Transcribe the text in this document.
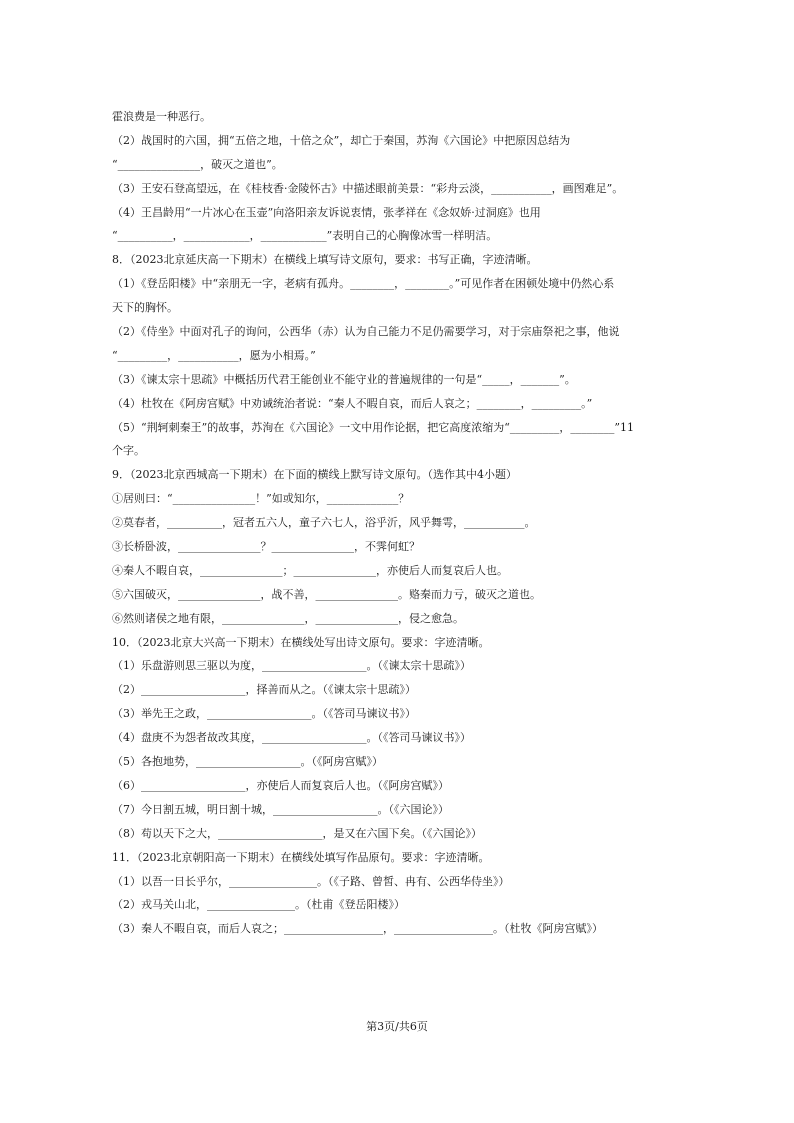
霍浪费是一种恶行。
（2）战国时的六国，拥“五倍之地，十倍之众”，却亡于秦国，苏洵《六国论》中把原因总结为
“_______________，破灭之道也”。
（3）王安石登高望远，在《桂枝香·金陵怀古》中描述眼前美景：“彩舟云淡，___________，画图难足”。
（4）王昌龄用“一片冰心在玉壶”向洛阳亲友诉说衷情，张孝祥在《念奴娇·过洞庭》也用
“__________，____________，____________”表明自己的心胸像冰雪一样明洁。
8．（2023北京延庆高一下期末）在横线上填写诗文原句，要求：书写正确，字迹清晰。
（1）《登岳阳楼》中“亲朋无一字，老病有孤舟。________，________。”可见作者在困顿处境中仍然心系
天下的胸怀。
（2）《侍坐》中面对孔子的询问，公西华（赤）认为自己能力不足仍需要学习，对于宗庙祭祀之事，他说
“_________，___________，愿为小相焉。”
（3）《谏太宗十思疏》中概括历代君王能创业不能守业的普遍规律的一句是“_____，_______”。
（4）杜牧在《阿房宫赋》中劝诫统治者说：“秦人不暇自哀，而后人哀之；________，_________。”
（5）“荆轲刺秦王”的故事，苏洵在《六国论》一文中用作论据，把它高度浓缩为“_________，________”11
个字。
9．（2023北京西城高一下期末）在下面的横线上默写诗文原句。（选作其中4小题）
①居则曰：“_______________！”如或知尔，_____________？
②莫春者，__________，冠者五六人，童子六七人，浴乎沂，风乎舞雩，___________。
③长桥卧波，_______________？_______________，不霁何虹？
④秦人不暇自哀，_______________；_______________，亦使后人而复哀后人也。
⑤六国破灭，_______________，战不善，_______________。赂秦而力亏，破灭之道也。
⑥然则诸侯之地有限，_______________，_______________，侵之愈急。
10．（2023北京大兴高一下期末）在横线处写出诗文原句。要求：字迹清晰。
（1）乐盘游则思三驱以为度，___________________。（《谏太宗十思疏》）
（2）___________________，择善而从之。（《谏太宗十思疏》）
（3）举先王之政，___________________。（《答司马谏议书》）
（4）盘庚不为怨者故改其度，___________________。（《答司马谏议书》）
（5）各抱地势，___________________。（《阿房宫赋》）
（6）___________________，亦使后人而复哀后人也。（《阿房宫赋》）
（7）今日割五城，明日割十城，___________________。（《六国论》）
（8）苟以天下之大，___________________，是又在六国下矣。（《六国论》）
11．（2023北京朝阳高一下期末）在横线处填写作品原句。要求：字迹清晰。
（1）以吾一日长乎尔，________________。（《子路、曾皙、冉有、公西华侍坐》）
（2）戎马关山北，________________。（杜甫《登岳阳楼》）
（3）秦人不暇自哀，而后人哀之；__________________，__________________。（杜牧《阿房宫赋》）
第3页/共6页
